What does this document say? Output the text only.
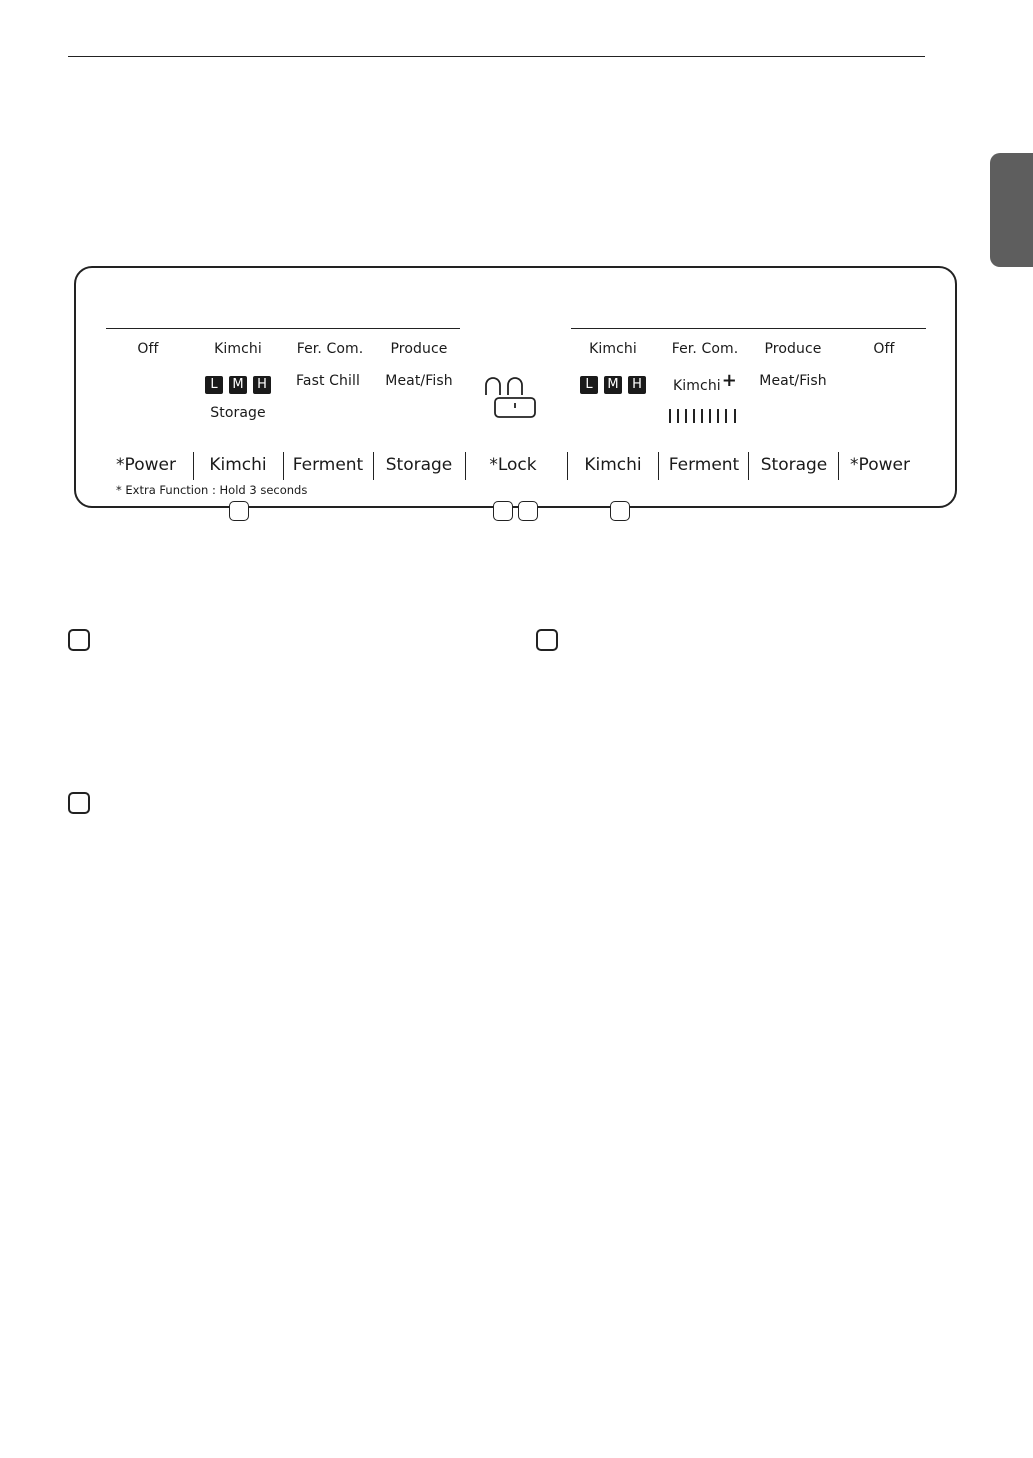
Off	Kimchi	Fer. Com.	Produce
L M H	Fast Chill	Meat/Fish
Storage
Kimchi	Fer. Com.	Produce	Off
L M H	Kimchi+	Meat/Fish
*Power	Kimchi	Ferment	Storage	*Lock	Kimchi	Ferment	Storage	*Power
* Extra Function : Hold 3 seconds
